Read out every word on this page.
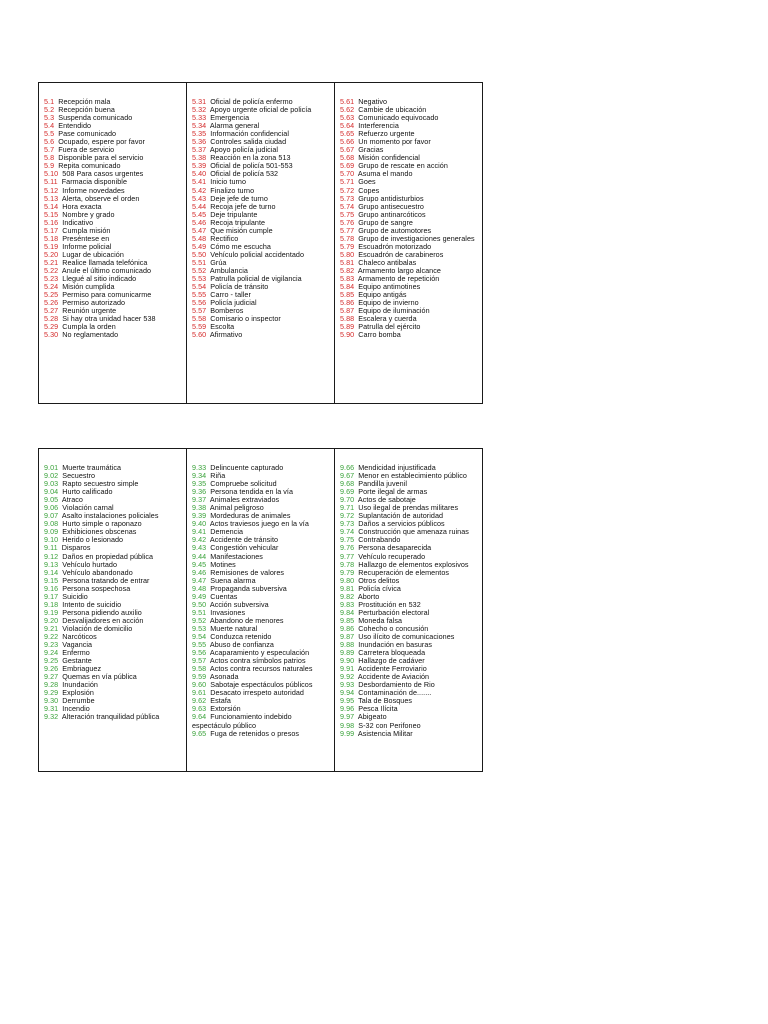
5.1 Recepción mala
5.2 Recepción buena
5.3 Suspenda comunicado
5.4 Entendido
5.5 Pase comunicado
5.6 Ocupado, espere por favor
5.7 Fuera de servicio
5.8 Disponible para el servicio
5.9 Repita comunicado
5.10 508 Para casos urgentes
5.11 Farmacia disponible
5.12 Informe novedades
5.13 Alerta, observe el orden
5.14 Hora exacta
5.15 Nombre y grado
5.16 Indicativo
5.17 Cumpla misión
5.18 Preséntese en
5.19 Informe policial
5.20 Lugar de ubicación
5.21 Realice llamada telefónica
5.22 Anule el último comunicado
5.23 Llegué al sitio indicado
5.24 Misión cumplida
5.25 Permiso para comunicarme
5.26 Permiso autorizado
5.27 Reunión urgente
5.28 Si hay otra unidad hacer 538
5.29 Cumpla la orden
5.30 No reglamentado
5.31 Oficial de policía enfermo
5.32 Apoyo urgente oficial de policía
5.33 Emergencia
5.34 Alarma general
5.35 Información confidencial
5.36 Controles salida ciudad
5.37 Apoyo policía judicial
5.38 Reacción en la zona 513
5.39 Oficial de policía 501-553
5.40 Oficial de policía 532
5.41 Inicio turno
5.42 Finalizo turno
5.43 Deje jefe de turno
5.44 Recoja jefe de turno
5.45 Deje tripulante
5.46 Recoja tripulante
5.47 Que misión cumple
5.48 Rectifico
5.49 Cómo me escucha
5.50 Vehículo policial accidentado
5.51 Grúa
5.52 Ambulancia
5.53 Patrulla policial de vigilancia
5.54 Policía de tránsito
5.55 Carro - taller
5.56 Policía judicial
5.57 Bomberos
5.58 Comisario o inspector
5.59 Escolta
5.60 Afirmativo
5.61 Negativo
5.62 Cambie de ubicación
5.63 Comunicado equivocado
5.64 Interferencia
5.65 Refuerzo urgente
5.66 Un momento por favor
5.67 Gracias
5.68 Misión confidencial
5.69 Grupo de rescate en acción
5.70 Asuma el mando
5.71 Goes
5.72 Copes
5.73 Grupo antidisturbios
5.74 Grupo antisecuestro
5.75 Grupo antinarcóticos
5.76 Grupo de sangre
5.77 Grupo de automotores
5.78 Grupo de investigaciones generales
5.79 Escuadrón motorizado
5.80 Escuadrón de carabineros
5.81 Chaleco antibalas
5.82 Armamento largo alcance
5.83 Armamento de repetición
5.84 Equipo antimotines
5.85 Equipo antigás
5.86 Equipo de invierno
5.87 Equipo de iluminación
5.88 Escalera y cuerda
5.89 Patrulla del ejército
5.90 Carro bomba
9.01 Muerte traumática
9.02 Secuestro
9.03 Rapto secuestro simple
9.04 Hurto calificado
9.05 Atraco
9.06 Violación carnal
9.07 Asalto instalaciones policiales
9.08 Hurto simple o raponazo
9.09 Exhibiciones obscenas
9.10 Herido o lesionado
9.11 Disparos
9.12 Daños en propiedad pública
9.13 Vehículo hurtado
9.14 Vehículo abandonado
9.15 Persona tratando de entrar
9.16 Persona sospechosa
9.17 Suicidio
9.18 Intento de suicidio
9.19 Persona pidiendo auxilio
9.20 Desvalijadores en acción
9.21 Violación de domicilio
9.22 Narcóticos
9.23 Vagancia
9.24 Enfermo
9.25 Gestante
9.26 Embriaguez
9.27 Quemas en vía pública
9.28 Inundación
9.29 Explosión
9.30 Derrumbe
9.31 Incendio
9.32 Alteración tranquilidad pública
9.33 Delincuente capturado
9.34 Riña
9.35 Compruebe solicitud
9.36 Persona tendida en la vía
9.37 Animales extraviados
9.38 Animal peligroso
9.39 Mordeduras de animales
9.40 Actos traviesos juego en la vía
9.41 Demencia
9.42 Accidente de tránsito
9.43 Congestión vehicular
9.44 Manifestaciones
9.45 Motines
9.46 Remisiones de valores
9.47 Suena alarma
9.48 Propaganda subversiva
9.49 Cuentas
9.50 Acción subversiva
9.51 Invasiones
9.52 Abandono de menores
9.53 Muerte natural
9.54 Conduzca retenido
9.55 Abuso de confianza
9.56 Acaparamiento y especulación
9.57 Actos contra símbolos patrios
9.58 Actos contra recursos naturales
9.59 Asonada
9.60 Sabotaje espectáculos públicos
9.61 Desacato irrespeto autoridad
9.62 Estafa
9.63 Extorsión
9.64 Funcionamiento indebido espectáculo público
9.65 Fuga de retenidos o presos
9.66 Mendicidad injustificada
9.67 Menor en establecimiento público
9.68 Pandilla juvenil
9.69 Porte ilegal de armas
9.70 Actos de sabotaje
9.71 Uso ilegal de prendas militares
9.72 Suplantación de autoridad
9.73 Daños a servicios públicos
9.74 Construcción que amenaza ruinas
9.75 Contrabando
9.76 Persona desaparecida
9.77 Vehículo recuperado
9.78 Hallazgo de elementos explosivos
9.79 Recuperación de elementos
9.80 Otros delitos
9.81 Policía cívica
9.82 Aborto
9.83 Prostitución en 532
9.84 Perturbación electoral
9.85 Moneda falsa
9.86 Cohecho o concusión
9.87 Uso ilícito de comunicaciones
9.88 Inundación en basuras
9.89 Carretera bloqueada
9.90 Hallazgo de cadáver
9.91 Accidente Ferroviario
9.92 Accidente de Aviación
9.93 Desbordamiento de Rio
9.94 Contaminación de.......
9.95 Tala de Bosques
9.96 Pesca Ilícita
9.97 Abigeato
9.98 S-32 con Perifoneo
9.99 Asistencia Militar
